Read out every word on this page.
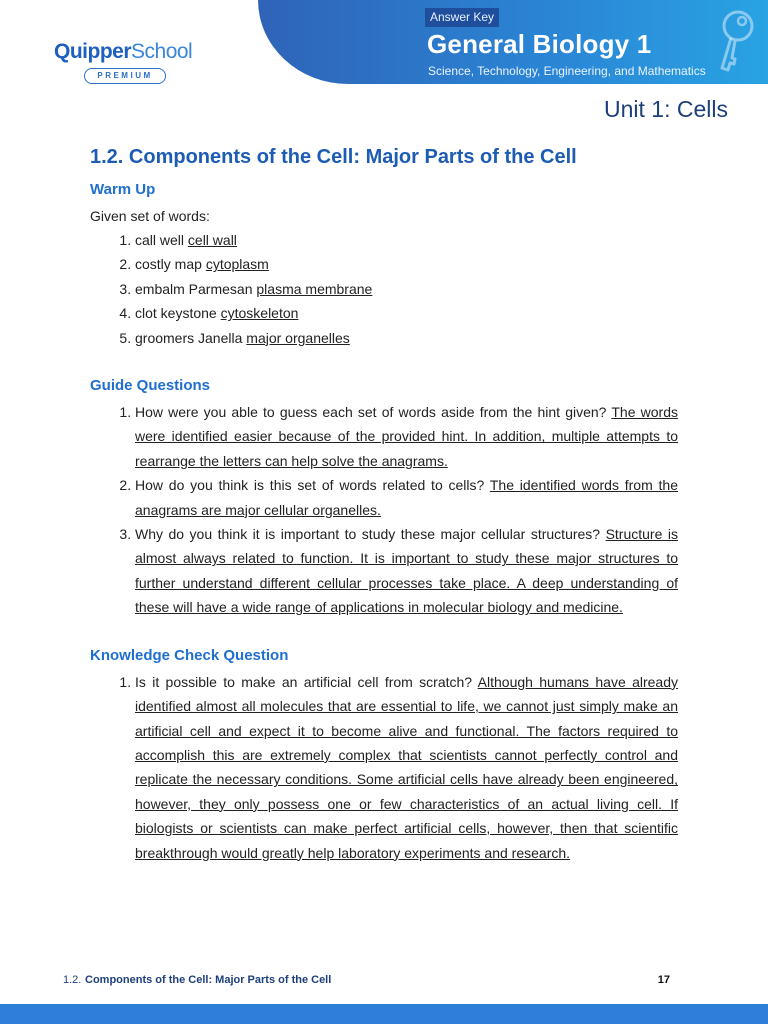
Answer Key
General Biology 1
Science, Technology, Engineering, and Mathematics
QuipperSchool
PREMIUM
Unit 1: Cells
1.2. Components of the Cell: Major Parts of the Cell
Warm Up
Given set of words:
1. call well cell wall
2. costly map cytoplasm
3. embalm Parmesan plasma membrane
4. clot keystone cytoskeleton
5. groomers Janella major organelles
Guide Questions
1. How were you able to guess each set of words aside from the hint given? The words were identified easier because of the provided hint. In addition, multiple attempts to rearrange the letters can help solve the anagrams.
2. How do you think is this set of words related to cells? The identified words from the anagrams are major cellular organelles.
3. Why do you think it is important to study these major cellular structures? Structure is almost always related to function. It is important to study these major structures to further understand different cellular processes take place. A deep understanding of these will have a wide range of applications in molecular biology and medicine.
Knowledge Check Question
1. Is it possible to make an artificial cell from scratch? Although humans have already identified almost all molecules that are essential to life, we cannot just simply make an artificial cell and expect it to become alive and functional. The factors required to accomplish this are extremely complex that scientists cannot perfectly control and replicate the necessary conditions. Some artificial cells have already been engineered, however, they only possess one or few characteristics of an actual living cell. If biologists or scientists can make perfect artificial cells, however, then that scientific breakthrough would greatly help laboratory experiments and research.
1.2. Components of the Cell: Major Parts of the Cell	17
